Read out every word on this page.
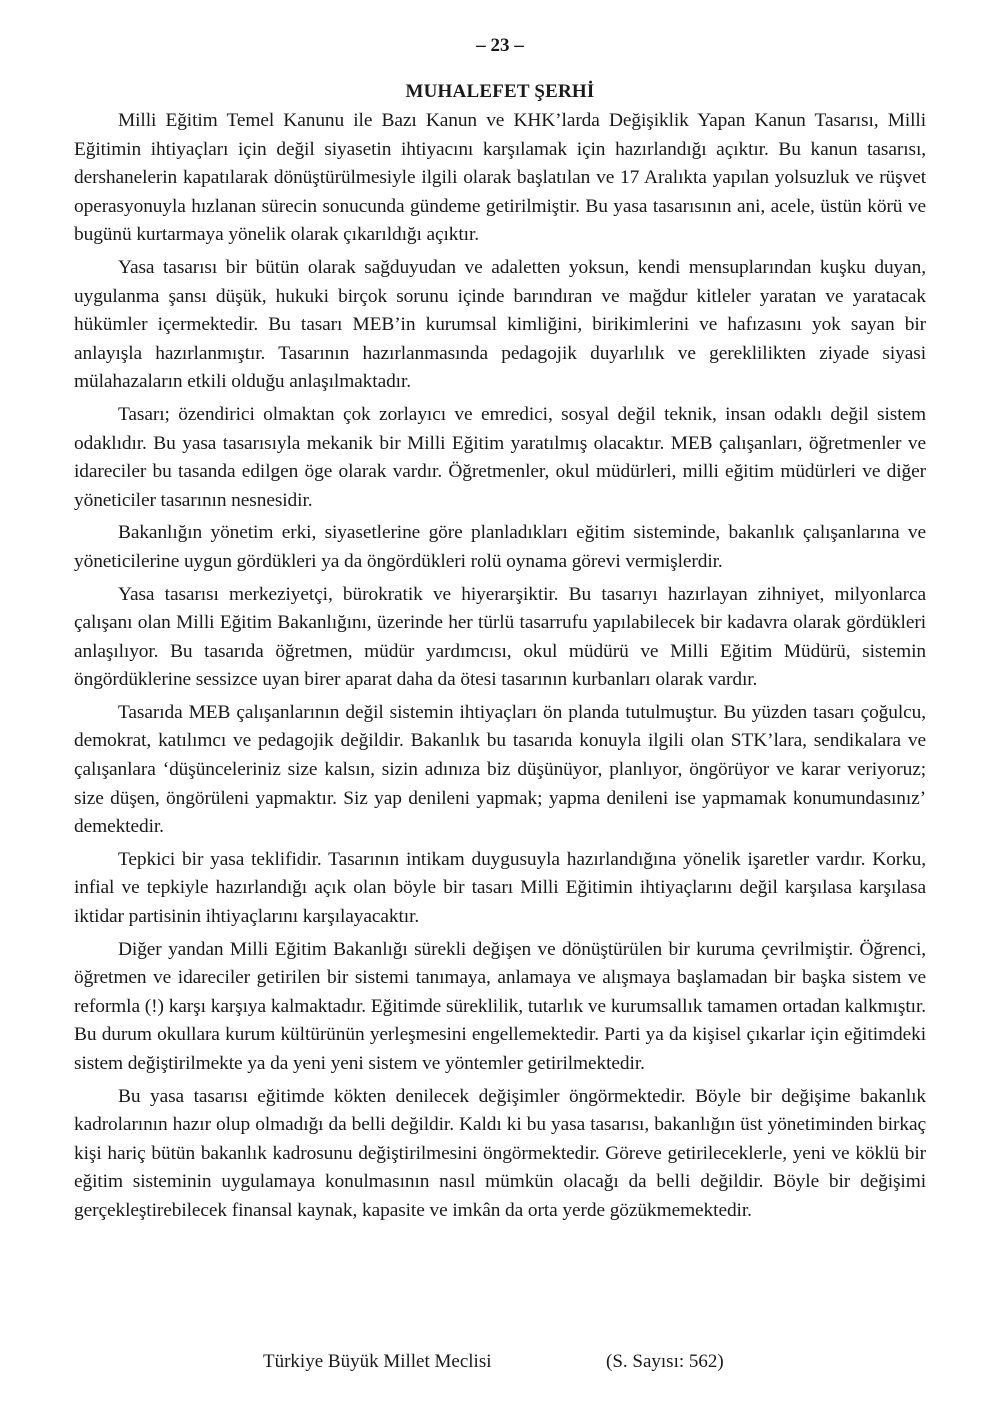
– 23 –
MUHALEFET ŞERHİ

Milli Eğitim Temel Kanunu ile Bazı Kanun ve KHK’larda Değişiklik Yapan Kanun Tasarısı, Milli Eğitimin ihtiyaçları için değil siyasetin ihtiyacını karşılamak için hazırlandığı açıktır. Bu kanun tasarısı, dershanelerin kapatılarak dönüştürülmesiyle ilgili olarak başlatılan ve 17 Aralıkta yapılan yolsuzluk ve rüşvet operasyonuyla hızlanan sürecin sonucunda gündeme getirilmiştir. Bu yasa tasarısının ani, acele, üstün körü ve bugünü kurtarmaya yönelik olarak çıkarıldığı açıktır.

Yasa tasarısı bir bütün olarak sağduyudan ve adaletten yoksun, kendi mensuplarından kuşku duyan, uygulanma şansı düşük, hukuki birçok sorunu içinde barındıran ve mağdur kitleler yaratan ve yaratacak hükümler içermektedir. Bu tasarı MEB’in kurumsal kimliğini, birikimlerini ve hafızasını yok sayan bir anlayışla hazırlanmıştır. Tasarının hazırlanmasında pedagojik duyarlılık ve gereklilikten ziyade siyasi mülahazaların etkili olduğu anlaşılmaktadır.

Tasarı; özendirici olmaktan çok zorlayıcı ve emredici, sosyal değil teknik, insan odaklı değil sistem odaklıdır. Bu yasa tasarısıyla mekanik bir Milli Eğitim yaratılmış olacaktır. MEB çalışanları, öğretmenler ve idareciler bu tasanda edilgen öge olarak vardır. Öğretmenler, okul müdürleri, milli eğitim müdürleri ve diğer yöneticiler tasarının nesnesidir.

Bakanlığın yönetim erki, siyasetlerine göre planladıkları eğitim sisteminde, bakanlık çalışanlarına ve yöneticilerine uygun gördükleri ya da öngördükleri rolü oynama görevi vermişlerdir.

Yasa tasarısı merkeziyetçi, bürokratik ve hiyerarşiktir. Bu tasarıyı hazırlayan zihniyet, milyonlarca çalışanı olan Milli Eğitim Bakanlığını, üzerinde her türlü tasarrufu yapılabilecek bir kadavra olarak gördükleri anlaşılıyor. Bu tasarıda öğretmen, müdür yardımcısı, okul müdürü ve Milli Eğitim Müdürü, sistemin öngördüklerine sessizce uyan birer aparat daha da ötesi tasarının kurbanları olarak vardır.

Tasarıda MEB çalışanlarının değil sistemin ihtiyaçları ön planda tutulmuştur. Bu yüzden tasarı çoğulcu, demokrat, katılımcı ve pedagojik değildir. Bakanlık bu tasarıda konuyla ilgili olan STK’lara, sendikalara ve çalışanlara ‘düşünceleriniz size kalsın, sizin adınıza biz düşünüyor, planlıyor, öngörüyor ve karar veriyoruz; size düşen, öngörüleni yapmaktır. Siz yap denileni yapmak; yapma denileni ise yapmamak konumundasınız’ demektedir.

Tepkici bir yasa teklifidir. Tasarının intikam duygusuyla hazırlandığına yönelik işaretler vardır. Korku, infial ve tepkiyle hazırlandığı açık olan böyle bir tasarı Milli Eğitimin ihtiyaçlarını değil karşılasa karşılasa iktidar partisinin ihtiyaçlarını karşılayacaktır.

Diğer yandan Milli Eğitim Bakanlığı sürekli değişen ve dönüştürülen bir kuruma çevrilmiştir. Öğrenci, öğretmen ve idareciler getirilen bir sistemi tanımaya, anlamaya ve alışmaya başlamadan bir başka sistem ve reformla (!) karşı karşıya kalmaktadır. Eğitimde süreklilik, tutarlık ve kurumsallık tamamen ortadan kalkmıştır. Bu durum okullara kurum kültürünün yerleşmesini engellemektedir. Parti ya da kişisel çıkarlar için eğitimdeki sistem değiştirilmekte ya da yeni yeni sistem ve yöntemler getirilmektedir.

Bu yasa tasarısı eğitimde kökten denilecek değişimler öngörmektedir. Böyle bir değişime bakanlık kadrolarının hazır olup olmadığı da belli değildir. Kaldı ki bu yasa tasarısı, bakanlığın üst yönetiminden birkaç kişi hariç bütün bakanlık kadrosunu değiştirilmesini öngörmektedir. Göreve getirileceklerle, yeni ve köklü bir eğitim sisteminin uygulamaya konulmasının nasıl mümkün olacağı da belli değildir. Böyle bir değişimi gerçekleştirebilecek finansal kaynak, kapasite ve imkân da orta yerde gözükmemektedir.

Türkiye Büyük Millet Meclisi	(S. Sayısı: 562)
